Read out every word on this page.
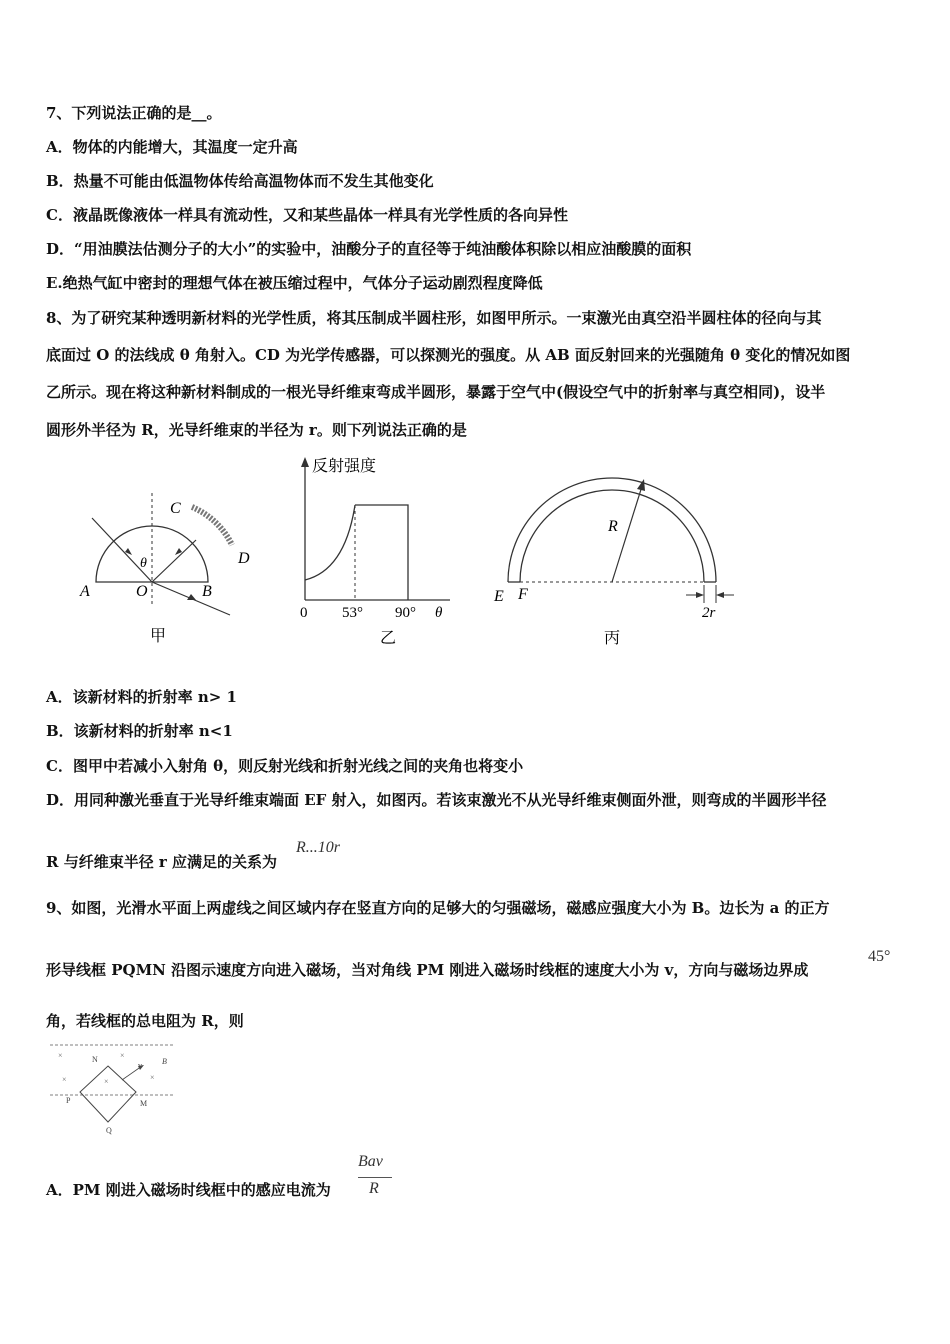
7、下列说法正确的是__。
A．物体的内能增大，其温度一定升高
B．热量不可能由低温物体传给高温物体而不发生其他变化
C．液晶既像液体一样具有流动性，又和某些晶体一样具有光学性质的各向异性
D．“用油膜法估测分子的大小”的实验中，油酸分子的直径等于纯油酸体积除以相应油酸膜的面积
E.绝热气缸中密封的理想气体在被压缩过程中，气体分子运动剧烈程度降低
8、为了研究某种透明新材料的光学性质，将其压制成半圆柱形，如图甲所示。一束激光由真空沿半圆柱体的径向与其
底面过 O 的法线成 θ 角射入。CD 为光学传感器，可以探测光的强度。从 AB 面反射回来的光强随角 θ 变化的情况如图
乙所示。现在将这种新材料制成的一根光导纤维束弯成半圆形，暴露于空气中(假设空气中的折射率与真空相同)，设半
圆形外半径为 R，光导纤维束的半径为 r。则下列说法正确的是
C
D
A	O	B
θ
甲
反射强度
0 53° 90° θ
乙
R
E F
2r
丙
A．该新材料的折射率 n> 1
B．该新材料的折射率 n<1
C．图甲中若减小入射角 θ，则反射光线和折射光线之间的夹角也将变小
D．用同种激光垂直于光导纤维束端面 EF 射入，如图丙。若该束激光不从光导纤维束侧面外泄，则弯成的半圆形半径
R...10r
R 与纤维束半径 r 应满足的关系为
9、如图，光滑水平面上两虚线之间区域内存在竖直方向的足够大的匀强磁场，磁感应强度大小为 B。边长为 a 的正方
形导线框 PQMN 沿图示速度方向进入磁场，当对角线 PM 刚进入磁场时线框的速度大小为 v，方向与磁场边界成
45°
角，若线框的总电阻为 R，则
×	×
×	×	×
N
v	B
P	M
Q
A．PM 刚进入磁场时线框中的感应电流为
Bav
R
